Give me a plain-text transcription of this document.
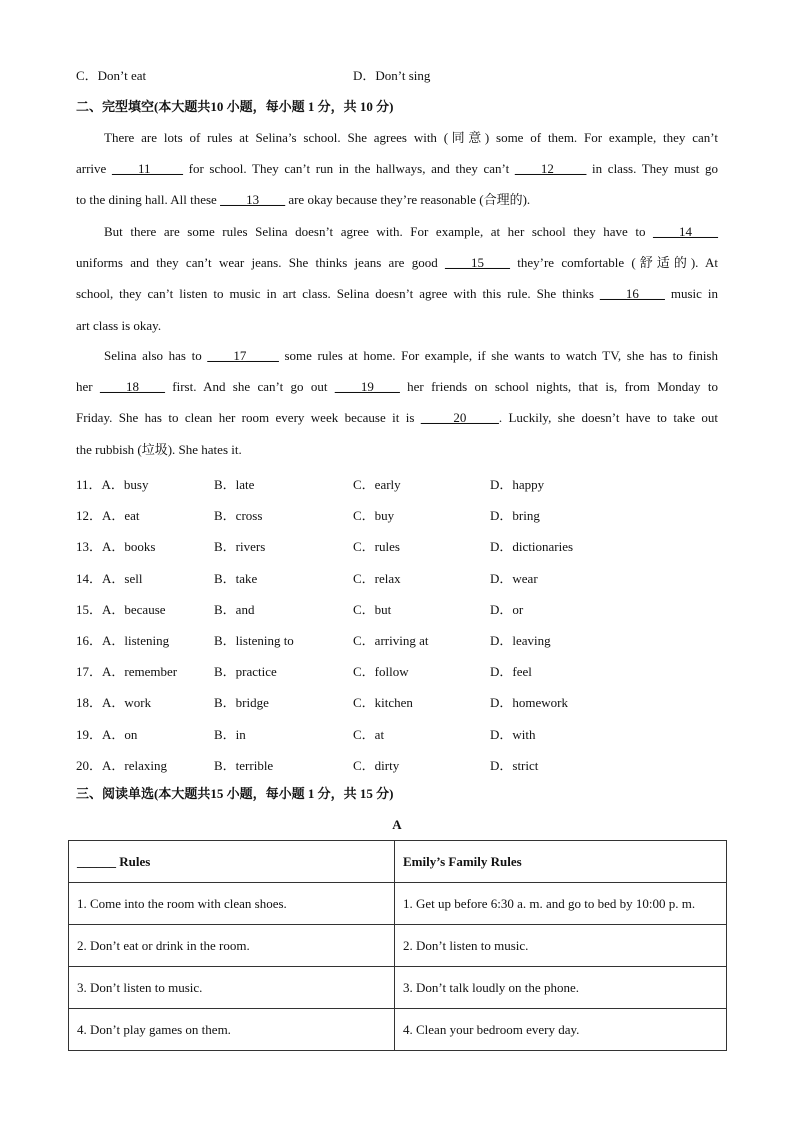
C．Don’t eat	D．Don’t sing
二、完型填空(本大题共10 小题，每小题 1 分，共 10 分)
There are lots of rules at Selina’s school. She agrees with (同意) some of them. For example, they can’t
arrive ____11_____ for school. They can’t run in the hallways, and they can’t ____12_____ in class. They must go
to the dining hall. All these ____13____ are okay because they’re reasonable (合理的).
But there are some rules Selina doesn’t agree with. For example, at her school they have to ____14____
uniforms and they can’t wear jeans. She thinks jeans are good ____15____ they’re comfortable (舒适的). At
school, they can’t listen to music in art class. Selina doesn’t agree with this rule. She thinks ____16____ music in
art class is okay.
Selina also has to ____17_____ some rules at home. For example, if she wants to watch TV, she has to finish
her ____18____ first. And she can’t go out ____19____ her friends on school nights, that is, from Monday to
Friday. She has to clean her room every week because it is _____20_____. Luckily, she doesn’t have to take out
the rubbish (垃圾). She hates it.
11．A．busy	B．late	C．early	D．happy
12．A．eat	B．cross	C．buy	D．bring
13．A．books	B．rivers	C．rules	D．dictionaries
14．A．sell	B．take	C．relax	D．wear
15．A．because	B．and	C．but	D．or
16．A．listening	B．listening to	C．arriving at	D．leaving
17．A．remember	B．practice	C．follow	D．feel
18．A．work	B．bridge	C．kitchen	D．homework
19．A．on	B．in	C．at	D．with
20．A．relaxing	B．terrible	C．dirty	D．strict
三、阅读单选(本大题共15 小题，每小题 1 分，共 15 分)
A
______ Rules	Emily’s Family Rules
1. Come into the room with clean shoes.	1. Get up before 6:30 a. m. and go to bed by 10:00 p. m.
2. Don’t eat or drink in the room.	2. Don’t listen to music.
3. Don’t listen to music.	3. Don’t talk loudly on the phone.
4. Don’t play games on them.	4. Clean your bedroom every day.
